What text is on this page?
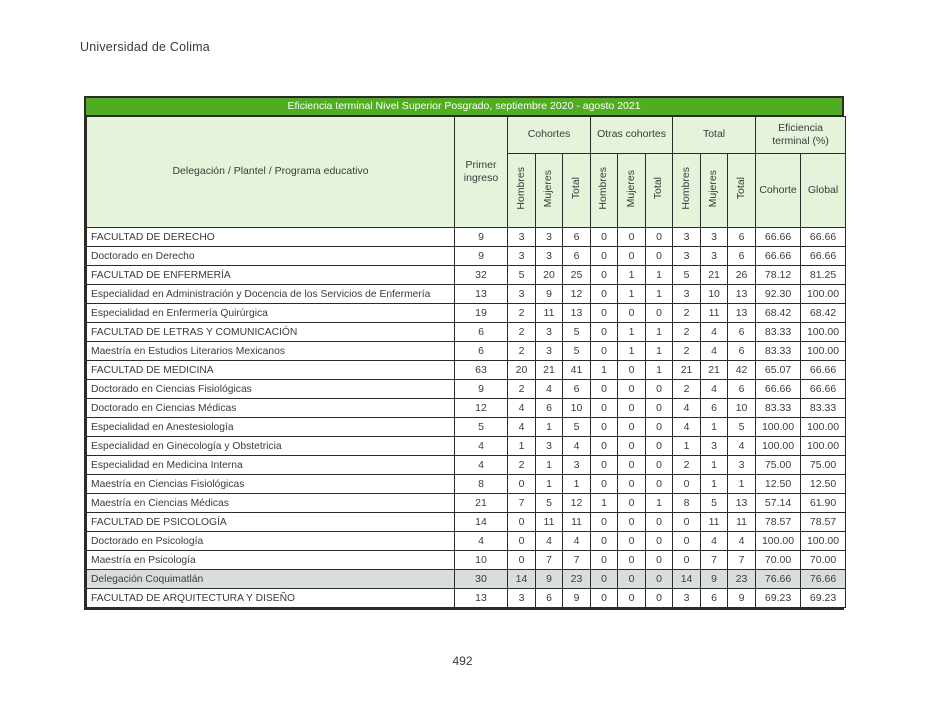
Universidad de Colima
Eficiencia terminal Nivel Superior Posgrado, septiembre 2020 - agosto 2021
Delegación / Plantel / Programa educativo	Primer ingreso	Cohortes			Otras cohortes			Total			Eficiencia terminal (%)	
		Hombres	Mujeres	Total	Hombres	Mujeres	Total	Hombres	Mujeres	Total	Cohorte	Global
FACULTAD DE DERECHO	9	3	3	6	0	0	0	3	3	6	66.66	66.66
Doctorado en Derecho	9	3	3	6	0	0	0	3	3	6	66.66	66.66
FACULTAD DE ENFERMERÍA	32	5	20	25	0	1	1	5	21	26	78.12	81.25
Especialidad en Administración y Docencia de los Servicios de Enfermería	13	3	9	12	0	1	1	3	10	13	92.30	100.00
Especialidad en Enfermería Quirúrgica	19	2	11	13	0	0	0	2	11	13	68.42	68.42
FACULTAD DE LETRAS Y COMUNICACIÓN	6	2	3	5	0	1	1	2	4	6	83.33	100.00
Maestría en Estudios Literarios Mexicanos	6	2	3	5	0	1	1	2	4	6	83.33	100.00
FACULTAD DE MEDICINA	63	20	21	41	1	0	1	21	21	42	65.07	66.66
Doctorado en Ciencias Fisiológicas	9	2	4	6	0	0	0	2	4	6	66.66	66.66
Doctorado en Ciencias Médicas	12	4	6	10	0	0	0	4	6	10	83.33	83.33
Especialidad en Anestesiología	5	4	1	5	0	0	0	4	1	5	100.00	100.00
Especialidad en Ginecología y Obstetricia	4	1	3	4	0	0	0	1	3	4	100.00	100.00
Especialidad en Medicina Interna	4	2	1	3	0	0	0	2	1	3	75.00	75.00
Maestría en Ciencias Fisiológicas	8	0	1	1	0	0	0	0	1	1	12.50	12.50
Maestría en Ciencias Médicas	21	7	5	12	1	0	1	8	5	13	57.14	61.90
FACULTAD DE PSICOLOGÍA	14	0	11	11	0	0	0	0	11	11	78.57	78.57
Doctorado en Psicología	4	0	4	4	0	0	0	0	4	4	100.00	100.00
Maestría en Psicología	10	0	7	7	0	0	0	0	7	7	70.00	70.00
Delegación Coquimatlán	30	14	9	23	0	0	0	14	9	23	76.66	76.66
FACULTAD DE ARQUITECTURA Y DISEÑO	13	3	6	9	0	0	0	3	6	9	69.23	69.23
492
